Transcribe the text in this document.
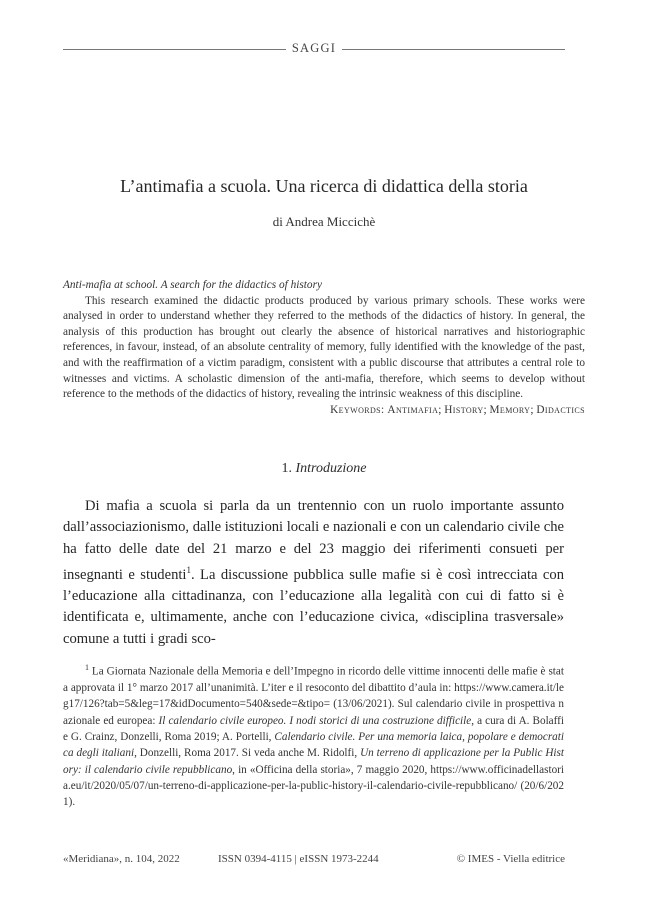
SAGGI
L’antimafia a scuola. Una ricerca di didattica della storia
di Andrea Miccichè

Anti-mafia at school. A search for the didactics of history

This research examined the didactic products produced by various primary schools. These works were analysed in order to understand whether they referred to the methods of the didactics of history. In general, the analysis of this production has brought out clearly the absence of historical narratives and historiographic references, in favour, instead, of an absolute centrality of memory, fully identified with the knowledge of the past, and with the reaffirmation of a victim paradigm, consistent with a public discourse that attributes a central role to witnesses and victims. A scholastic dimension of the anti-mafia, therefore, which seems to develop without reference to the methods of the didactics of history, revealing the intrinsic weakness of this discipline.

Keywords: Antimafia; History; Memory; Didactics

1. Introduzione

Di mafia a scuola si parla da un trentennio con un ruolo importante assunto dall’associazionismo, dalle istituzioni locali e nazionali e con un calendario civile che ha fatto delle date del 21 marzo e del 23 maggio dei riferimenti consueti per insegnanti e studenti$^1$. La discussione pubblica sulle mafie si è così intrecciata con l’educazione alla cittadinanza, con l’educazione alla legalità con cui di fatto si è identificata e, ultimamente, anche con l’educazione civica, «disciplina trasversale» comune a tutti i gradi sco-

$^1$ La Giornata Nazionale della Memoria e dell’Impegno in ricordo delle vittime innocenti delle mafie è stata approvata il 1° marzo 2017 all’unanimità. L’iter e il resoconto del dibattito d’aula in: https://www.camera.it/leg17/126?tab=5&leg=17&idDocumento=540&sede=&tipo= (13/06/2021). Sul calendario civile in prospettiva nazionale ed europea: Il calendario civile europeo. I nodi storici di una costruzione difficile, a cura di A. Bolaffi e G. Crainz, Donzelli, Roma 2019; A. Portelli, Calendario civile. Per una memoria laica, popolare e democratica degli italiani, Donzelli, Roma 2017. Si veda anche M. Ridolfi, Un terreno di applicazione per la Public History: il calendario civile repubblicano, in «Officina della storia», 7 maggio 2020, https://www.officinadellastoria.eu/it/2020/05/07/un-terreno-di-applicazione-per-la-public-history-il-calendario-civile-repubblicano/ (20/6/2021).

«Meridiana», n. 104, 2022	ISSN 0394-4115 | eISSN 1973-2244	© IMES - Viella editrice
